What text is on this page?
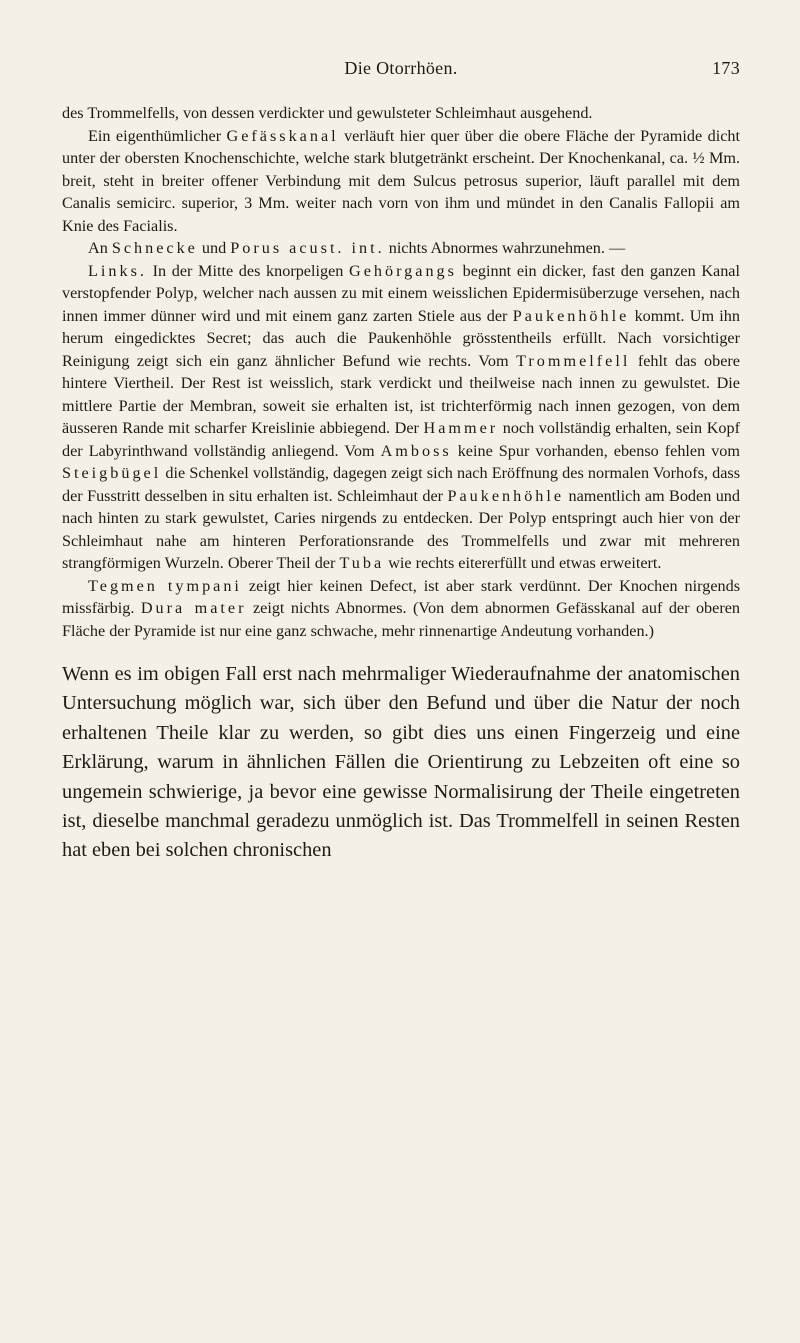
Die Otorrhöen.	173

des Trommelfells, von dessen verdickter und gewulsteter Schleimhaut ausgehend.

Ein eigenthümlicher Gefässkanal verläuft hier quer über die obere Fläche der Pyramide dicht unter der obersten Knochenschichte, welche stark blutgetränkt erscheint. Der Knochenkanal, ca. ½ Mm. breit, steht in breiter offener Verbindung mit dem Sulcus petrosus superior, läuft parallel mit dem Canalis semicirc. superior, 3 Mm. weiter nach vorn von ihm und mündet in den Canalis Fallopii am Knie des Facialis.

An Schnecke und Porus acust. int. nichts Abnormes wahrzunehmen. —

Links. In der Mitte des knorpeligen Gehörgangs beginnt ein dicker, fast den ganzen Kanal verstopfender Polyp, welcher nach aussen zu mit einem weisslichen Epidermisüberzuge versehen, nach innen immer dünner wird und mit einem ganz zarten Stiele aus der Paukenhöhle kommt. Um ihn herum eingedicktes Secret; das auch die Paukenhöhle grösstentheils erfüllt. Nach vorsichtiger Reinigung zeigt sich ein ganz ähnlicher Befund wie rechts. Vom Trommelfell fehlt das obere hintere Viertheil. Der Rest ist weisslich, stark verdickt und theilweise nach innen zu gewulstet. Die mittlere Partie der Membran, soweit sie erhalten ist, ist trichterförmig nach innen gezogen, von dem äusseren Rande mit scharfer Kreislinie abbiegend. Der Hammer noch vollständig erhalten, sein Kopf der Labyrinthwand vollständig anliegend. Vom Amboss keine Spur vorhanden, ebenso fehlen vom Steigbügel die Schenkel vollständig, dagegen zeigt sich nach Eröffnung des normalen Vorhofs, dass der Fusstritt desselben in situ erhalten ist. Schleimhaut der Paukenhöhle namentlich am Boden und nach hinten zu stark gewulstet, Caries nirgends zu entdecken. Der Polyp entspringt auch hier von der Schleimhaut nahe am hinteren Perforationsrande des Trommelfells und zwar mit mehreren strangförmigen Wurzeln. Oberer Theil der Tuba wie rechts eitererfüllt und etwas erweitert.

Tegmen tympani zeigt hier keinen Defect, ist aber stark verdünnt. Der Knochen nirgends missfärbig. Dura mater zeigt nichts Abnormes. (Von dem abnormen Gefässkanal auf der oberen Fläche der Pyramide ist nur eine ganz schwache, mehr rinnenartige Andeutung vorhanden.)

Wenn es im obigen Fall erst nach mehrmaliger Wiederaufnahme der anatomischen Untersuchung möglich war, sich über den Befund und über die Natur der noch erhaltenen Theile klar zu werden, so gibt dies uns einen Fingerzeig und eine Erklärung, warum in ähnlichen Fällen die Orientirung zu Lebzeiten oft eine so ungemein schwierige, ja bevor eine gewisse Normalisirung der Theile eingetreten ist, dieselbe manchmal geradezu unmöglich ist. Das Trommelfell in seinen Resten hat eben bei solchen chronischen
